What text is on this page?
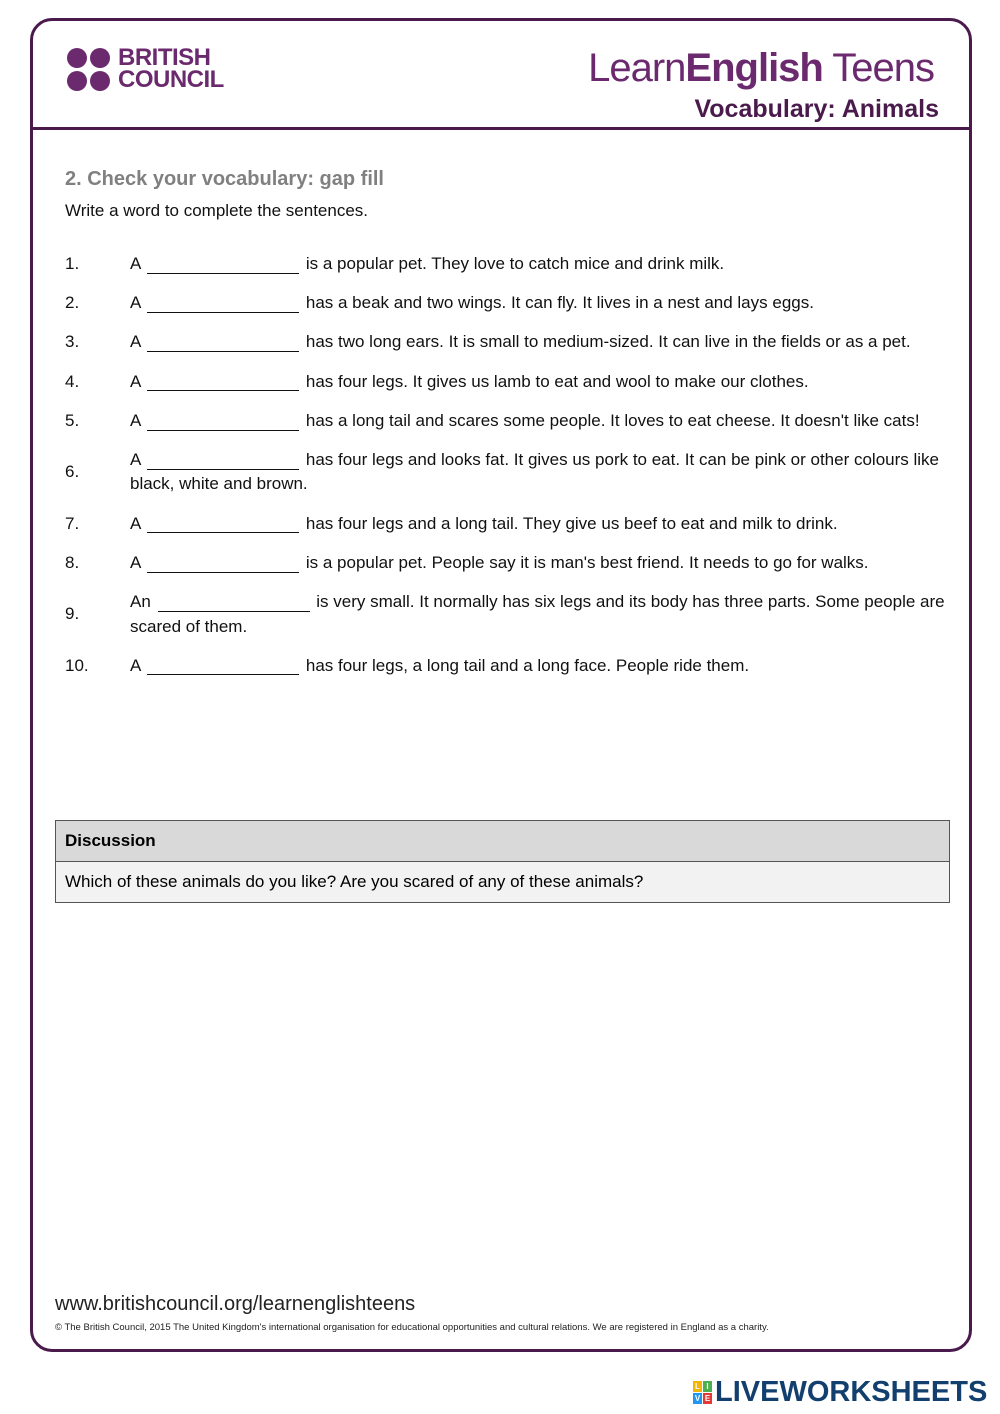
BRITISH
COUNCIL	LearnEnglish Teens
Vocabulary: Animals
2. Check your vocabulary: gap fill
Write a word to complete the sentences.
1.	A	is a popular pet. They love to catch mice and drink milk.
2.	A	has a beak and two wings. It can fly. It lives in a nest and lays eggs.
3.	A	has two long ears. It is small to medium-sized. It can live in the fields or as a pet.
4.	A	has four legs. It gives us lamb to eat and wool to make our clothes.
5.	A	has a long tail and scares some people. It loves to eat cheese. It doesn't like cats!
6.
A	has four legs and looks fat. It gives us pork to eat. It can be pink or other colours like black, white and brown.
7.	A	has four legs and a long tail. They give us beef to eat and milk to drink.
8.	A	is a popular pet. People say it is man's best friend. It needs to go for walks.
9.
An	is very small. It normally has six legs and its body has three parts. Some people are scared of them.
10.	A	has four legs, a long tail and a long face. People ride them.
Discussion
Which of these animals do you like? Are you scared of any of these animals?
www.britishcouncil.org/learnenglishteens
© The British Council, 2015 The United Kingdom's international organisation for educational opportunities and cultural relations. We are registered in England as a charity.
L I
V E LIVEWORKSHEETS
